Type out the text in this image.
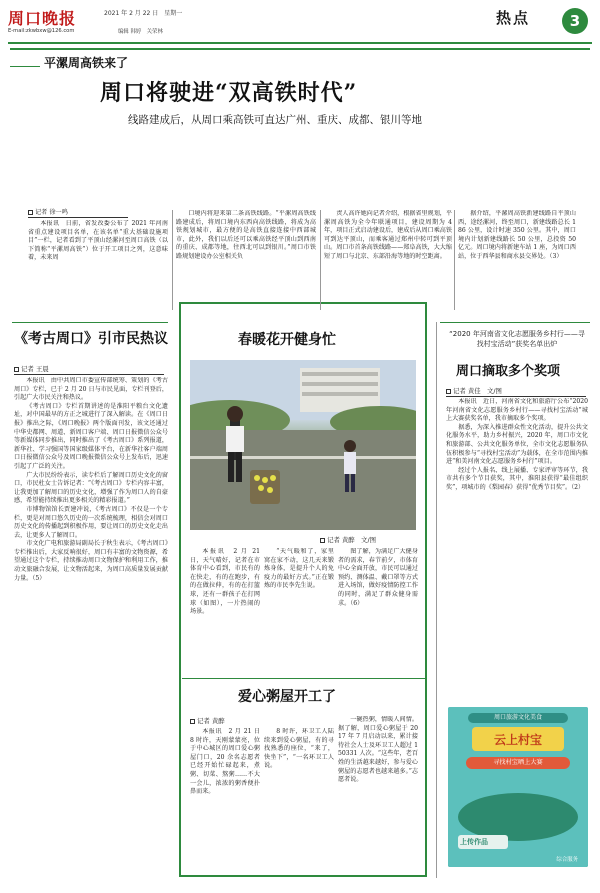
周口晚报
E-mail:zkwbxw@126.com
2021 年 2 月 22 日　星期一
编辑 韩婷　关荣林
热点	3
平漯周高铁来了
周口将驶进“双高铁时代”
线路建成后，从周口乘高铁可直达广州、重庆、成都、银川等地
记者 徐一鸣

本报讯　日前，省发改委公布了 2021 年河南省重点建设项目名单，在该名单“重大基础设施项目”一栏，记者看到了平顶山经漯河至周口高铁（以下简称“平漯周高铁”）位于开工项目之列，这意味着，未来周

口境内将迎来第二条高铁线路。“平漯周高铁线路建成后，将周口境内东西向高铁线路，将成为高铁规划城市，最方便的是高铁直接连接中西部城市，此外，我们以后还可以乘高铁经平顶山到西南的重庆、成都等地，往西北可以到银川。”周口市铁路规划建设办公室相关负

责人高许她向记者介绍，根据省里规划，平漯周高铁为全今年联通项目，建设周期为 4 年，项目正式启动建设后，建成后从周口乘高铁可到达平顶山，而乘客通过郑州中转可到平顶山。周口市首条高铁线路——郑阜高铁，大大缩短了周口与北京、东部沿海等地的时空距离。

据介绍，平漯周高铁新建线路自平顶山西，途经漯河，终至周口，新建线路总长 186 公里，设计时速 350 公里。其中，周口境内计划新建线路长 50 公里，总投资 50 亿元。周口境内将新建车站 1 座，为周口西站，位于西华县和商水县交界处。（3）

《考古周口》引市民热议
记者 王晨

本报讯　由中共周口市委宣传部统筹、策划的《考古周口》专栏，已于 2 月 20 日与市民见面，专栏刊登后，引起广大市民关注和热议。

《考古周口》专栏首期讲述的是淮阳平粮台文化遗址，对中国最早的方正之城进行了深入解读。在《周口日报》推出之际，《周口晚报》两个版面刊发，该文还通过中华史都网、周道、新周口客户端、周口日报微信公众号等新媒体同步推出，同时推出了《考古周口》系列报道，新华社、学习强国等国家级媒体平台，在新华社客户端周口日报微信公众号及周口晚报微信公众号上发布后，迅速引起了广泛的关注。

广大市民纷纷表示，读专栏后了解周口历史文化的窗口，市民杜女士告诉记者：“《考古周口》专栏内容丰富，让我更加了解周口的历史文化，增强了作为周口人的自豪感，希望能持续推出更多相关的精彩报道。”

市博物馆馆长贾建冲说，《考古周口》不仅是一个专栏，更是对周口悠久历史的一次系统梳理，相信会对周口历史文化的传播起到积极作用，要让周口的历史文化走出去，让更多人了解周口。

市文化广电和旅游局副局长于秋生表示，《考古周口》专栏推出后，大家反响很好，周口有丰富的文物资源，希望通过这个专栏，持续推动周口文物保护和利用工作，推动文旅融合发展，让文物活起来，为周口高质量发展贡献力量。（5）

春暖花开健身忙
记者 黄醉　文/图

本报讯　2 月 21 日，天气晴好，记者在市体育中心看到，市民有的在快走，有的在跑步，有的在做拉伸，有的在打篮球，还有一群孩子在打网球（如图），一片热闹的场景。

“天气暖和了，家里窝在家不动，这几天来锻炼身体，是提升个人的免疫力的最好方式。”正在锻炼的市民李先生说。

图了解，为满足广大健身者的需求，春节前夕，市体育中心全面开放，市民可以通过预约、测体温、戴口罩等方式进入场馆，做好疫情防控工作的同时，满足了群众健身需求。（6）

爱心粥屋开工了
记者 黄醉

本报讯　2 月 21 日 8 时许，天刚蒙蒙亮，位于中心城区的周口爱心粥屋门口，20 余名志愿者已经开始忙碌起来，煮粥、切菜、熬粥……不大一会儿，浓浓的粥香便扑鼻而来。

8 时许，环卫工人陆续来到爱心粥屋，有的寻找熟悉的座位，“来了，快坐下”，“一名环卫工人说。

一碗热粥，情暖人间情。据了解，周口爱心粥屋于 2017 年 7 月启动以来，累计接待社会人士及环卫工人超过 150331 人次。“这些年，老百姓的生活越来越好，参与爱心粥屋的志愿者也越来越多。”志愿者说。

“2020 年河南省文化志愿服务乡村行——寻找村宝活动”获奖名单出炉
周口摘取多个奖项
记者 黄佳　文/图

本报讯　近日，河南省文化和旅游厅公布“2020 年河南省文化志愿服务乡村行——寻找村宝活动”城上大赛获奖名单，我市摘取多个奖项。

据悉，为深入推进群众性文化活动，提升公共文化服务水平，助力乡村振兴，2020 年，周口市文化和旅游部、公共文化服务单位，全市文化志愿服务队伍积极参与“寻找村宝活动”为载体，在全市范围内推进“和美河南文化志愿服务乡村行”项目。

经过个人报名、线上展播、专家评审等环节，我市共有多个节目获奖，其中，淮阳县获得“最佳组织奖”，项城市的《梨园春》获得“优秀节目奖”。（2）

周口旅游文化美食
云上村宝
寻找村宝晒上大赛
上传作品
综合服务
